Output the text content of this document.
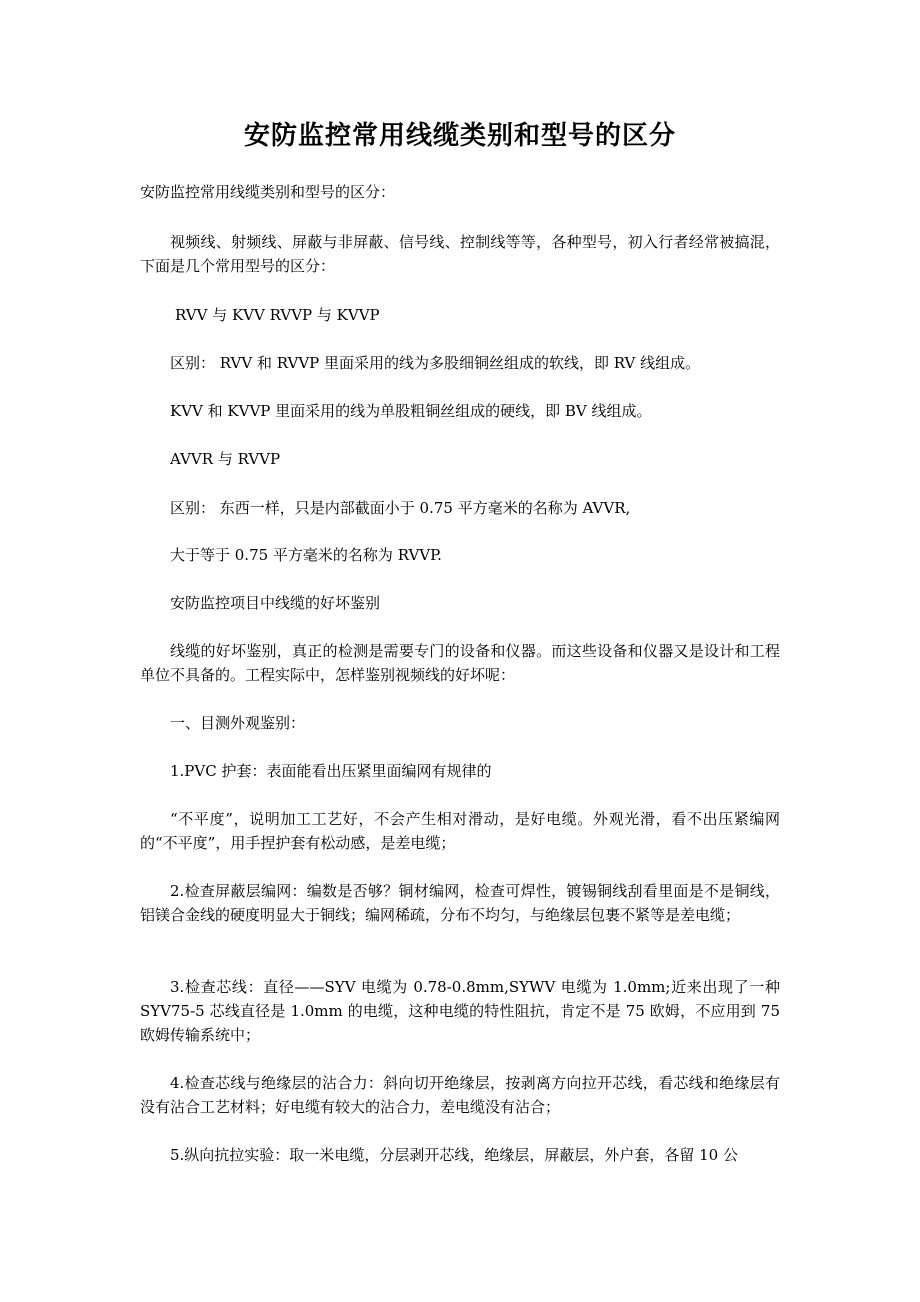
安防监控常用线缆类别和型号的区分

安防监控常用线缆类别和型号的区分：

视频线、射频线、屏蔽与非屏蔽、信号线、控制线等等，各种型号，初入行者经常被搞混，下面是几个常用型号的区分：

RVV 与 KVV RVVP 与 KVVP

区别： RVV 和 RVVP 里面采用的线为多股细铜丝组成的软线，即 RV 线组成。

KVV 和 KVVP 里面采用的线为单股粗铜丝组成的硬线，即 BV 线组成。

AVVR 与 RVVP

区别： 东西一样，只是内部截面小于 0.75 平方毫米的名称为 AVVR,

大于等于 0.75 平方毫米的名称为 RVVP.

安防监控项目中线缆的好坏鉴别

线缆的好坏鉴别，真正的检测是需要专门的设备和仪器。而这些设备和仪器又是设计和工程单位不具备的。工程实际中，怎样鉴别视频线的好坏呢：

一、目测外观鉴别：

1.PVC 护套：表面能看出压紧里面编网有规律的

“不平度”，说明加工工艺好，不会产生相对滑动，是好电缆。外观光滑，看不出压紧编网的“不平度”，用手捏护套有松动感，是差电缆；

2.检查屏蔽层编网：编数是否够？铜材编网，检查可焊性，镀锡铜线刮看里面是不是铜线，铝镁合金线的硬度明显大于铜线；编网稀疏，分布不均匀，与绝缘层包裹不紧等是差电缆；

3.检查芯线：直径——SYV 电缆为 0.78-0.8mm,SYWV 电缆为 1.0mm;近来出现了一种 SYV75-5 芯线直径是 1.0mm 的电缆，这种电缆的特性阻抗，肯定不是 75 欧姆，不应用到 75 欧姆传输系统中；

4.检查芯线与绝缘层的沾合力：斜向切开绝缘层，按剥离方向拉开芯线，看芯线和绝缘层有没有沾合工艺材料；好电缆有较大的沾合力，差电缆没有沾合；

5.纵向抗拉实验：取一米电缆，分层剥开芯线，绝缘层，屏蔽层，外户套，各留 10 公
